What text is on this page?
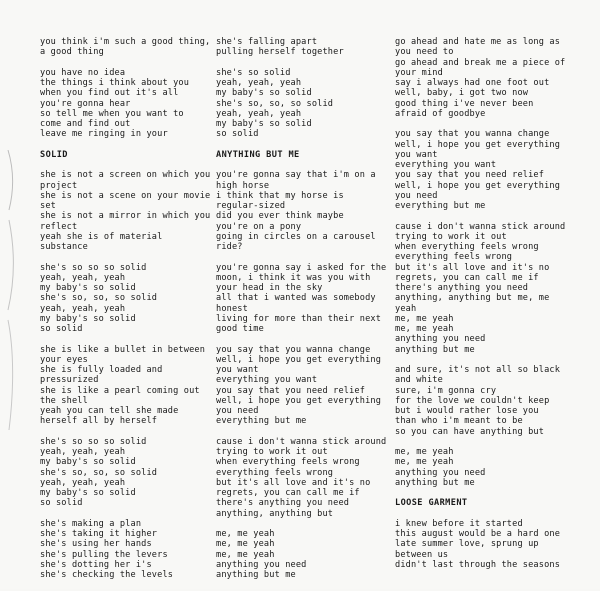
you think i'm such a good thing,
a good thing
you have no idea
the things i think about you
when you find out it's all
you're gonna hear
so tell me when you want to
come and find out
leave me ringing in your
SOLID
she is not a screen on which you
project
she is not a scene on your movie
set
she is not a mirror in which you
reflect
yeah she is of material
substance
she's so so so solid
yeah, yeah, yeah
my baby's so solid
she's so, so, so solid
yeah, yeah, yeah
my baby's so solid
so solid
she is like a bullet in between
your eyes
she is fully loaded and
pressurized
she is like a pearl coming out
the shell
yeah you can tell she made
herself all by herself
she's so so so solid
yeah, yeah, yeah
my baby's so solid
she's so, so, so solid
yeah, yeah, yeah
my baby's so solid
so solid
she's making a plan
she's taking it higher
she's using her hands
she's pulling the levers
she's dotting her i's
she's checking the levels
she's falling apart
pulling herself together
she's so solid
yeah, yeah, yeah
my baby's so solid
she's so, so, so solid
yeah, yeah, yeah
my baby's so solid
so solid
ANYTHING BUT ME
you're gonna say that i'm on a
high horse
i think that my horse is
regular-sized
did you ever think maybe
you're on a pony
going in circles on a carousel
ride?
you're gonna say i asked for the
moon, i think it was you with
your head in the sky
all that i wanted was somebody
honest
living for more than their next
good time
you say that you wanna change
well, i hope you get everything
you want
everything you want
you say that you need relief
well, i hope you get everything
you need
everything but me
cause i don't wanna stick around
trying to work it out
when everything feels wrong
everything feels wrong
but it's all love and it's no
regrets, you can call me if
there's anything you need
anything, anything but
me, me yeah
me, me yeah
me, me yeah
anything you need
anything but me
go ahead and hate me as long as
you need to
go ahead and break me a piece of
your mind
say i always had one foot out
well, baby, i got two now
good thing i've never been
afraid of goodbye
you say that you wanna change
well, i hope you get everything
you want
everything you want
you say that you need relief
well, i hope you get everything
you need
everything but me
cause i don't wanna stick around
trying to work it out
when everything feels wrong
everything feels wrong
but it's all love and it's no
regrets, you can call me if
there's anything you need
anything, anything but me, me
yeah
me, me yeah
me, me yeah
anything you need
anything but me
and sure, it's not all so black
and white
sure, i'm gonna cry
for the love we couldn't keep
but i would rather lose you
than who i'm meant to be
so you can have anything but
me, me yeah
me, me yeah
anything you need
anything but me
LOOSE GARMENT
i knew before it started
this august would be a hard one
late summer love, sprung up
between us
didn't last through the seasons
